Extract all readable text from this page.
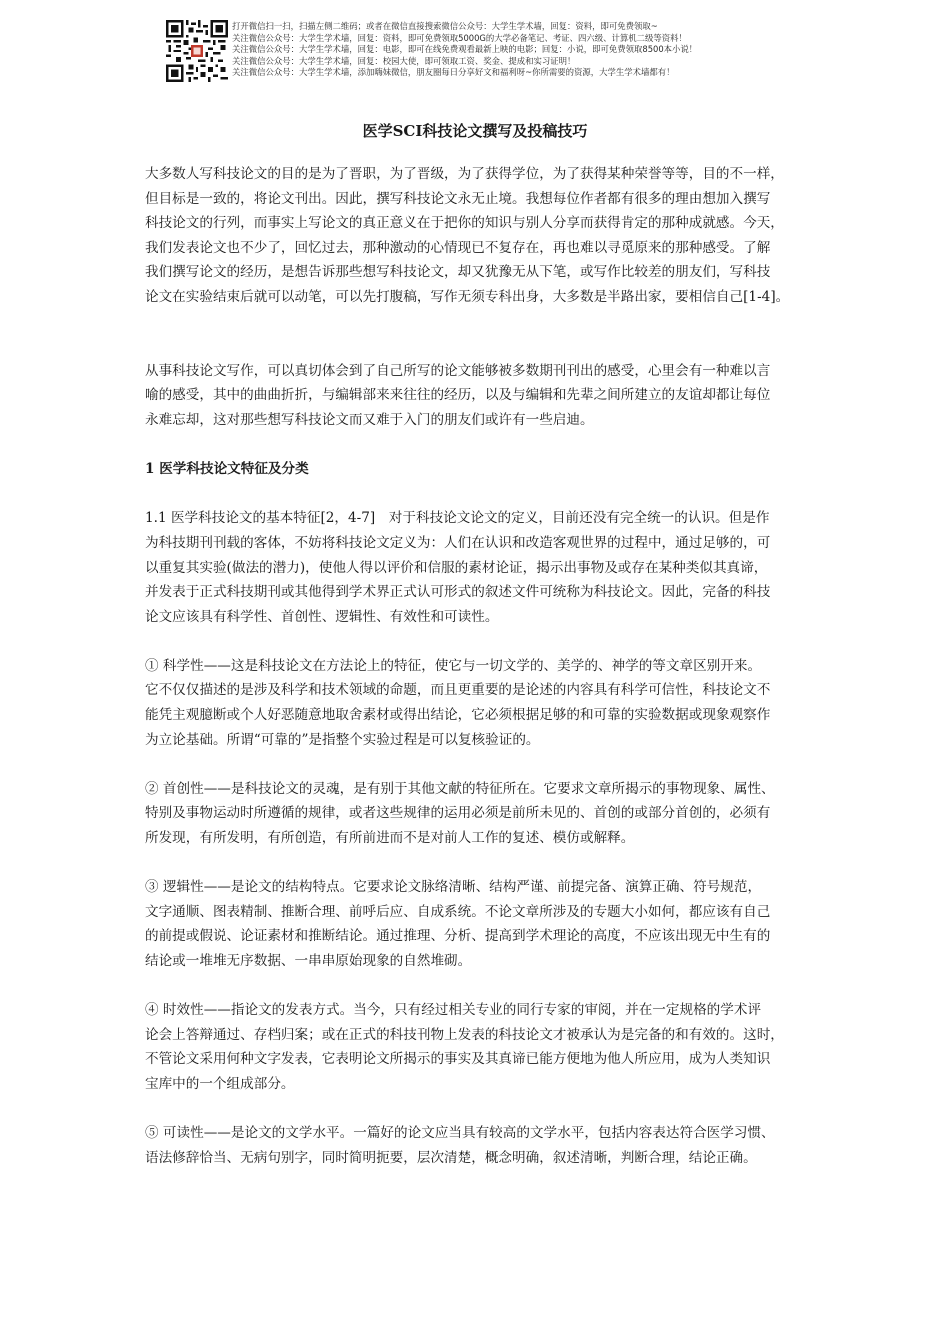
打开微信扫一扫，扫描左侧二维码；或者在微信直接搜索微信公众号：大学生学术墙，回复：资料，即可免费领取~
关注微信公众号：大学生学术墙，回复：资料，即可免费领取5000G的大学必备笔记、考证、四六级、计算机二级等资料！
关注微信公众号：大学生学术墙，回复：电影，即可在线免费观看最新上映的电影；回复：小说，即可免费领取8500本小说！
关注微信公众号：大学生学术墙，回复：校园大使，即可领取工资、奖金、提成和实习证明！
关注微信公众号：大学生学术墙，添加嗨妹微信，朋友圈每日分享好文和福利呀~你所需要的资源，大学生学术墙都有！
医学SCI科技论文撰写及投稿技巧
大多数人写科技论文的目的是为了晋职，为了晋级，为了获得学位，为了获得某种荣誉等等，目的不一样，
但目标是一致的，将论文刊出。因此，撰写科技论文永无止境。我想每位作者都有很多的理由想加入撰写
科技论文的行列，而事实上写论文的真正意义在于把你的知识与别人分享而获得肯定的那种成就感。今天，
我们发表论文也不少了，回忆过去，那种激动的心情现已不复存在，再也难以寻觅原来的那种感受。了解
我们撰写论文的经历，是想告诉那些想写科技论文，却又犹豫无从下笔，或写作比较差的朋友们，写科技
论文在实验结束后就可以动笔，可以先打腹稿，写作无须专科出身，大多数是半路出家，要相信自己[1-4]。
从事科技论文写作，可以真切体会到了自己所写的论文能够被多数期刊刊出的感受，心里会有一种难以言
喻的感受，其中的曲曲折折，与编辑部来来往往的经历，以及与编辑和先辈之间所建立的友谊却都让每位
永难忘却，这对那些想写科技论文而又难于入门的朋友们或许有一些启迪。
1 医学科技论文特征及分类
1.1 医学科技论文的基本特征[2，4-7]　对于科技论文论文的定义，目前还没有完全统一的认识。但是作
为科技期刊刊载的客体，不妨将科技论文定义为：人们在认识和改造客观世界的过程中，通过足够的，可
以重复其实验(做法的潜力)，使他人得以评价和信服的素材论证，揭示出事物及或存在某种类似其真谛，
并发表于正式科技期刊或其他得到学术界正式认可形式的叙述文件可统称为科技论文。因此，完备的科技
论文应该具有科学性、首创性、逻辑性、有效性和可读性。
① 科学性——这是科技论文在方法论上的特征，使它与一切文学的、美学的、神学的等文章区别开来。
它不仅仅描述的是涉及科学和技术领域的命题，而且更重要的是论述的内容具有科学可信性，科技论文不
能凭主观臆断或个人好恶随意地取舍素材或得出结论，它必须根据足够的和可靠的实验数据或现象观察作
为立论基础。所谓“可靠的”是指整个实验过程是可以复核验证的。
② 首创性——是科技论文的灵魂，是有别于其他文献的特征所在。它要求文章所揭示的事物现象、属性、
特别及事物运动时所遵循的规律，或者这些规律的运用必须是前所未见的、首创的或部分首创的，必须有
所发现，有所发明，有所创造，有所前进而不是对前人工作的复述、模仿或解释。
③ 逻辑性——是论文的结构特点。它要求论文脉络清晰、结构严谨、前提完备、演算正确、符号规范，
文字通顺、图表精制、推断合理、前呼后应、自成系统。不论文章所涉及的专题大小如何，都应该有自己
的前提或假说、论证素材和推断结论。通过推理、分析、提高到学术理论的高度，不应该出现无中生有的
结论或一堆堆无序数据、一串串原始现象的自然堆砌。
④ 时效性——指论文的发表方式。当今，只有经过相关专业的同行专家的审阅，并在一定规格的学术评
论会上答辩通过、存档归案；或在正式的科技刊物上发表的科技论文才被承认为是完备的和有效的。这时，
不管论文采用何种文字发表，它表明论文所揭示的事实及其真谛已能方便地为他人所应用，成为人类知识
宝库中的一个组成部分。
⑤ 可读性——是论文的文学水平。一篇好的论文应当具有较高的文学水平，包括内容表达符合医学习惯、
语法修辞恰当、无病句别字，同时简明扼要，层次清楚，概念明确，叙述清晰，判断合理，结论正确。
